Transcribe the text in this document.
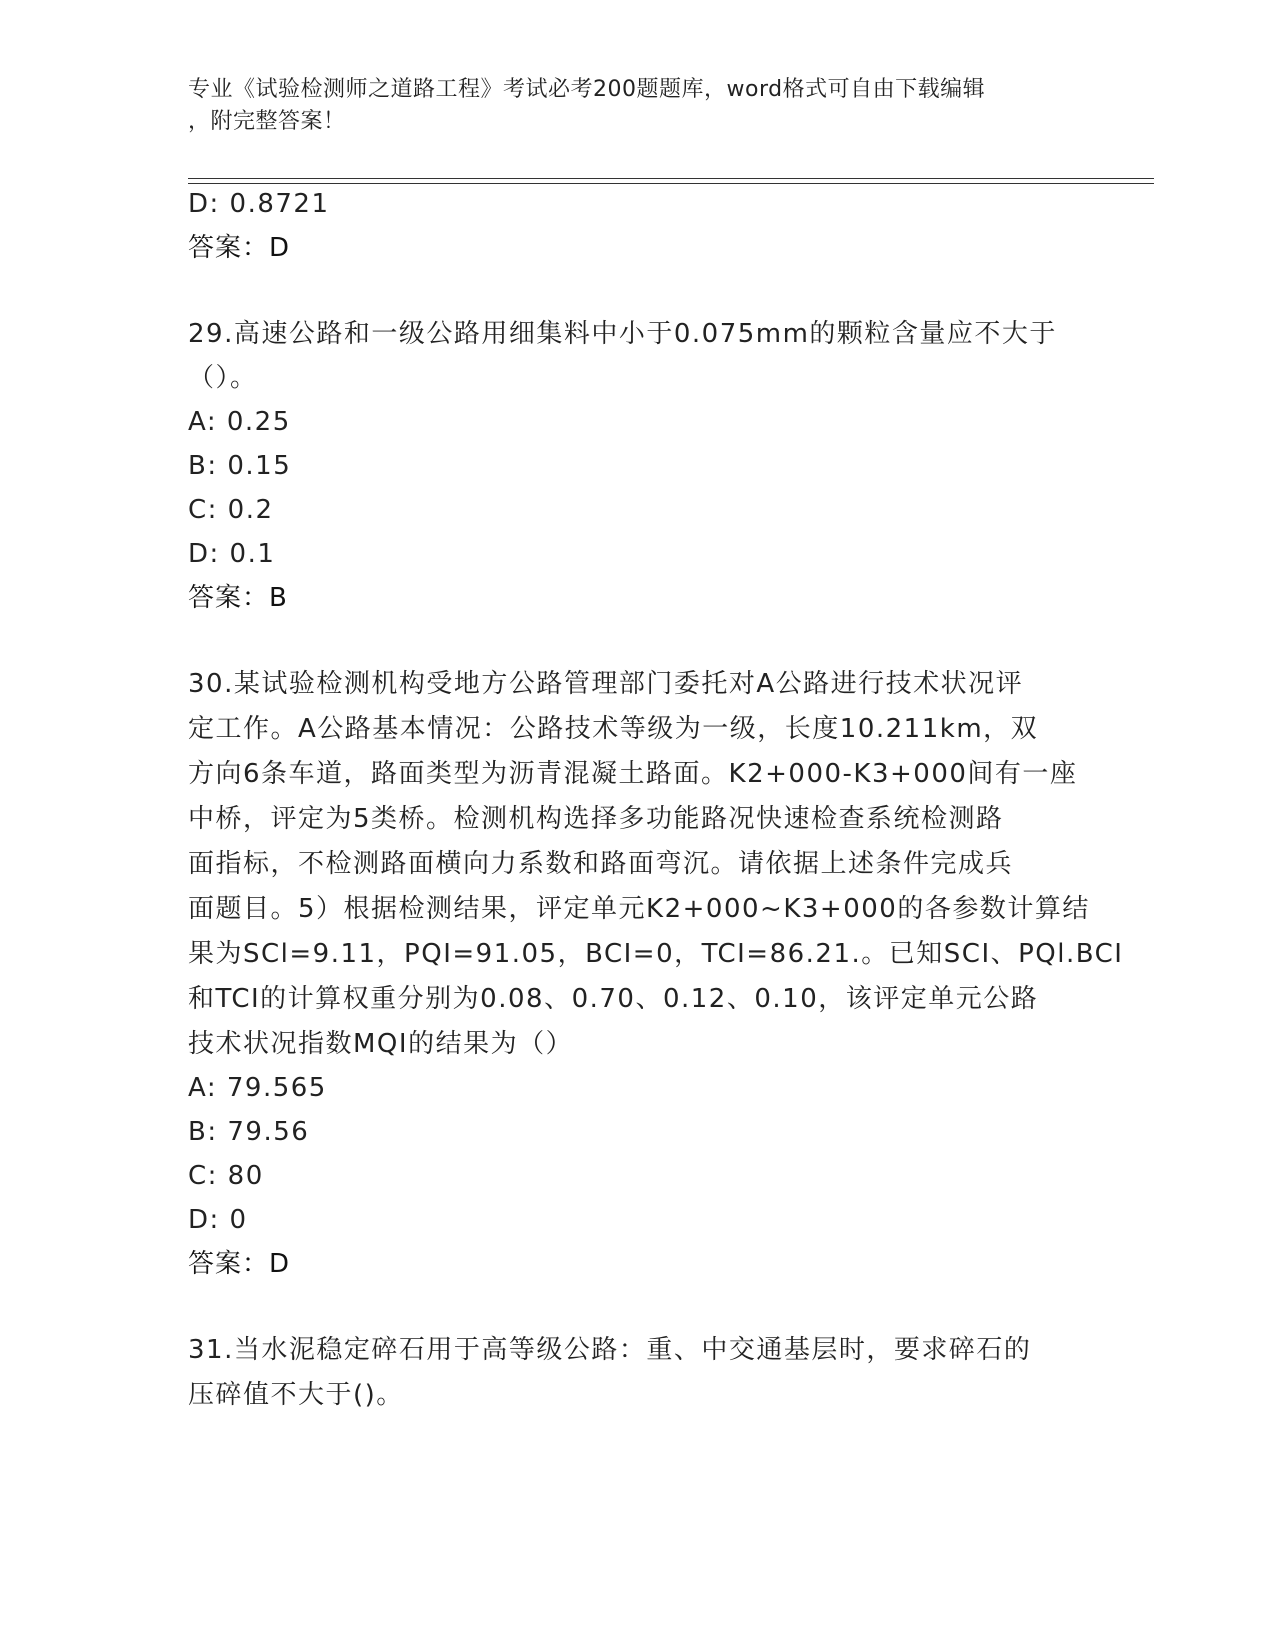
专业《试验检测师之道路工程》考试必考200题题库，word格式可自由下载编辑
，附完整答案！
D: 0.8721
答案：D
29.高速公路和一级公路用细集料中小于0.075mm的颗粒含量应不大于
（）。
A: 0.25
B: 0.15
C: 0.2
D: 0.1
答案：B
30.某试验检测机构受地方公路管理部门委托对A公路进行技术状况评
定工作。A公路基本情况：公路技术等级为一级，长度10.211km，双
方向6条车道，路面类型为沥青混凝土路面。K2+000-K3+000间有一座
中桥，评定为5类桥。检测机构选择多功能路况快速检查系统检测路
面指标，不检测路面横向力系数和路面弯沉。请依据上述条件完成兵
面题目。5）根据检测结果，评定单元K2+000~K3+000的各参数计算结
果为SCl=9.11，PQI=91.05，BCI=0，TCI=86.21.。已知SCI、PQl.BCI
和TCI的计算权重分别为0.08、0.70、0.12、0.10，该评定单元公路
技术状况指数MQI的结果为（）
A: 79.565
B: 79.56
C: 80
D: 0
答案：D
31.当水泥稳定碎石用于高等级公路：重、中交通基层时，要求碎石的
压碎值不大于()。
